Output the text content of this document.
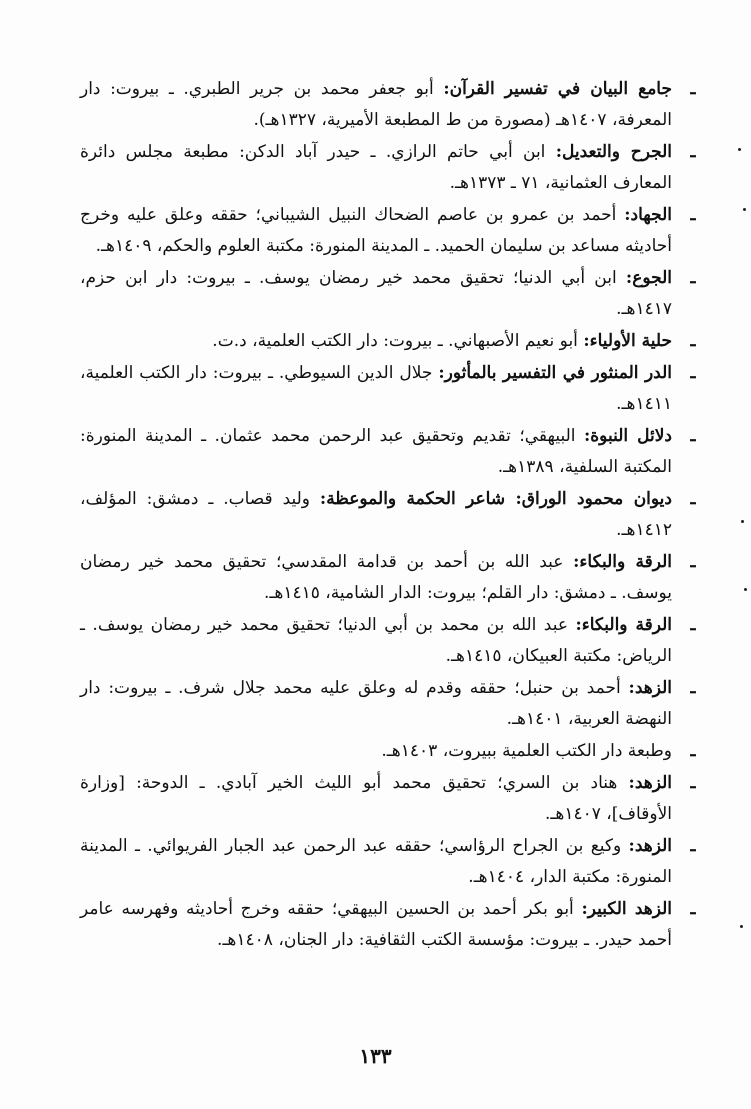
ـ
جامع البيان في تفسير القرآن: أبو جعفر محمد بن جرير الطبري. ـ بيروت: دار المعرفة، ١٤٠٧هـ (مصورة من ط المطبعة الأميرية، ١٣٢٧هـ).
ـ
الجرح والتعديل: ابن أبي حاتم الرازي. ـ حيدر آباد الدكن: مطبعة مجلس دائرة المعارف العثمانية، ٧١ ـ ١٣٧٣هـ.
ـ
الجهاد: أحمد بن عمرو بن عاصم الضحاك النبيل الشيباني؛ حققه وعلق عليه وخرج أحاديثه مساعد بن سليمان الحميد. ـ المدينة المنورة: مكتبة العلوم والحكم، ١٤٠٩هـ.
ـ
الجوع: ابن أبي الدنيا؛ تحقيق محمد خير رمضان يوسف. ـ بيروت: دار ابن حزم، ١٤١٧هـ.
ـ
حلية الأولياء: أبو نعيم الأصبهاني. ـ بيروت: دار الكتب العلمية، د.ت.
ـ
الدر المنثور في التفسير بالمأثور: جلال الدين السيوطي. ـ بيروت: دار الكتب العلمية، ١٤١١هـ.
ـ
دلائل النبوة: البيهقي؛ تقديم وتحقيق عبد الرحمن محمد عثمان. ـ المدينة المنورة: المكتبة السلفية، ١٣٨٩هـ.
ـ
ديوان محمود الوراق: شاعر الحكمة والموعظة: وليد قصاب. ـ دمشق: المؤلف، ١٤١٢هـ.
ـ
الرقة والبكاء: عبد الله بن أحمد بن قدامة المقدسي؛ تحقيق محمد خير رمضان يوسف. ـ دمشق: دار القلم؛ بيروت: الدار الشامية، ١٤١٥هـ.
ـ
الرقة والبكاء: عبد الله بن محمد بن أبي الدنيا؛ تحقيق محمد خير رمضان يوسف. ـ الرياض: مكتبة العبيكان، ١٤١٥هـ.
ـ
الزهد: أحمد بن حنبل؛ حققه وقدم له وعلق عليه محمد جلال شرف. ـ بيروت: دار النهضة العربية، ١٤٠١هـ.
ـ
وطبعة دار الكتب العلمية ببيروت، ١٤٠٣هـ.
ـ
الزهد: هناد بن السري؛ تحقيق محمد أبو الليث الخير آبادي. ـ الدوحة: [وزارة الأوقاف]، ١٤٠٧هـ.
ـ
الزهد: وكيع بن الجراح الرؤاسي؛ حققه عبد الرحمن عبد الجبار الفريوائي. ـ المدينة المنورة: مكتبة الدار، ١٤٠٤هـ.
ـ
الزهد الكبير: أبو بكر أحمد بن الحسين البيهقي؛ حققه وخرج أحاديثه وفهرسه عامر أحمد حيدر. ـ بيروت: مؤسسة الكتب الثقافية: دار الجنان، ١٤٠٨هـ.
١٣٣
